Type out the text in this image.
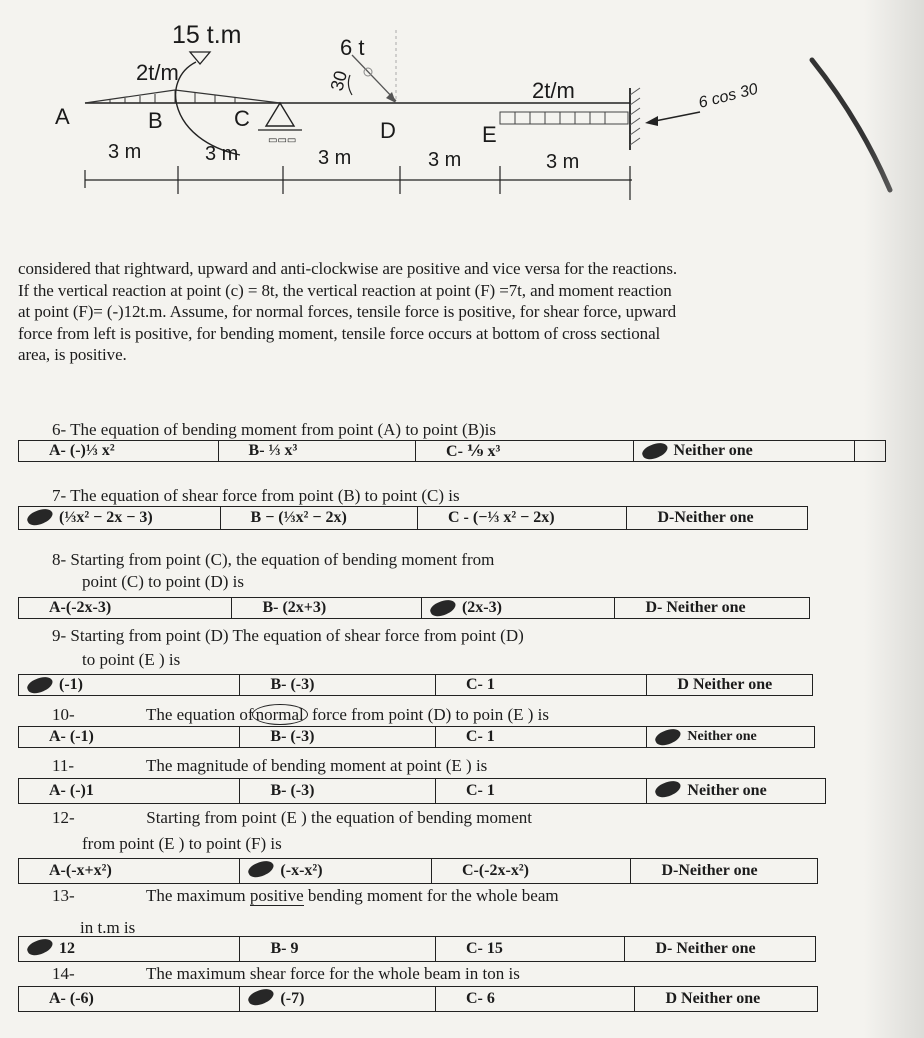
15 t.m
2t/m
▭▭▭
6 t
30	2t/m	6 cos 30
A	B	C	D	E
3 m	3 m	3 m	3 m	3 m
considered that rightward, upward and anti-clockwise are positive and vice versa for the reactions. If the vertical reaction at point (c) = 8t, the vertical reaction at point (F) =7t, and moment reaction at point (F)= (-)12t.m. Assume, for normal forces, tensile force is positive, for shear force, upward force from left is positive, for bending moment, tensile force occurs at bottom of cross sectional area, is positive.
6- The equation of bending moment from point (A) to point (B)is
A- (-)⅓ x²	B- ⅓ x³	C- ⅑ x³	Neither one
7- The equation of shear force from point (B) to point (C) is
(⅓x² − 2x − 3)	B − (⅓x² − 2x)	C - (−⅓ x² − 2x)	D-Neither one
8- Starting from point (C), the equation of bending moment from
point (C) to point (D) is
A-(-2x-3)	B- (2x+3)	(2x-3)	D- Neither one
9- Starting from point (D) The equation of shear force from point (D)
to point (E ) is
(-1)	B- (-3)	C- 1	D Neither one
10-	The equation of normal force from point (D) to poin (E ) is
A- (-1)	B- (-3)	C- 1	Neither one
11-	The magnitude of bending moment at point (E ) is
A- (-)1	B- (-3)	C- 1	Neither one
12-	Starting from point (E ) the equation of bending moment
from point (E ) to point (F) is
A-(-x+x²)	(-x-x²)	C-(-2x-x²)	D-Neither one
13-	The maximum positive bending moment for the whole beam
in t.m is
12	B- 9	C- 15	D- Neither one
14-	The maximum shear force for the whole beam in ton is
A- (-6)	(-7)	C- 6	D Neither one
